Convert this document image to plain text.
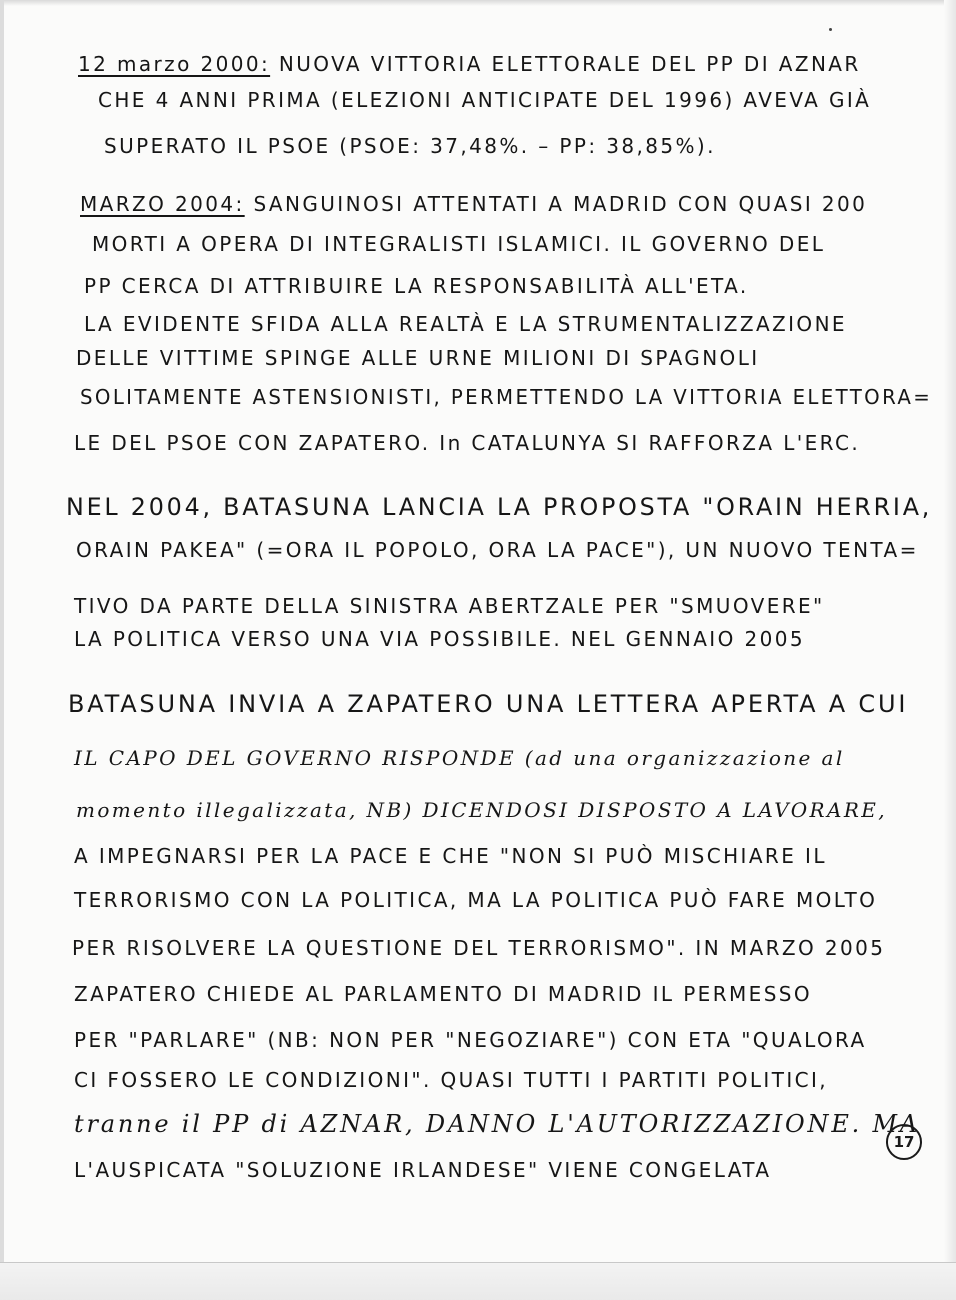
12 marzo 2000: NUOVA VITTORIA ELETTORALE DEL PP DI AZNAR
CHE 4 ANNI PRIMA (ELEZIONI ANTICIPATE DEL 1996) AVEVA GIÀ
SUPERATO IL PSOE (PSOE: 37,48%. – PP: 38,85%).
MARZO 2004: SANGUINOSI ATTENTATI A MADRID CON QUASI 200
MORTI A OPERA DI INTEGRALISTI ISLAMICI. IL GOVERNO DEL
PP CERCA DI ATTRIBUIRE LA RESPONSABILITÀ ALL'ETA.
LA EVIDENTE SFIDA ALLA REALTÀ E LA STRUMENTALIZZAZIONE
DELLE VITTIME SPINGE ALLE URNE MILIONI DI SPAGNOLI
SOLITAMENTE ASTENSIONISTI, PERMETTENDO LA VITTORIA ELETTORA=
LE DEL PSOE CON ZAPATERO. In CATALUNYA SI RAFFORZA L'ERC.
NEL 2004, BATASUNA LANCIA LA PROPOSTA "ORAIN HERRIA,
ORAIN PAKEA" (=ORA IL POPOLO, ORA LA PACE"), UN NUOVO TENTA=
TIVO DA PARTE DELLA SINISTRA ABERTZALE PER "SMUOVERE"
LA POLITICA VERSO UNA VIA POSSIBILE. NEL GENNAIO 2005
BATASUNA INVIA A ZAPATERO UNA LETTERA APERTA A CUI
IL CAPO DEL GOVERNO RISPONDE (ad una organizzazione al
momento illegalizzata, NB) DICENDOSI DISPOSTO A LAVORARE,
A IMPEGNARSI PER LA PACE E CHE "NON SI PUÒ MISCHIARE IL
TERRORISMO CON LA POLITICA, MA LA POLITICA PUÒ FARE MOLTO
PER RISOLVERE LA QUESTIONE DEL TERRORISMO". IN MARZO 2005
ZAPATERO CHIEDE AL PARLAMENTO DI MADRID IL PERMESSO
PER "PARLARE" (NB: NON PER "NEGOZIARE") CON ETA "QUALORA
CI FOSSERO LE CONDIZIONI". QUASI TUTTI I PARTITI POLITICI,
tranne il PP di AZNAR, DANNO L'AUTORIZZAZIONE. MA
L'AUSPICATA "SOLUZIONE IRLANDESE" VIENE CONGELATA
17
